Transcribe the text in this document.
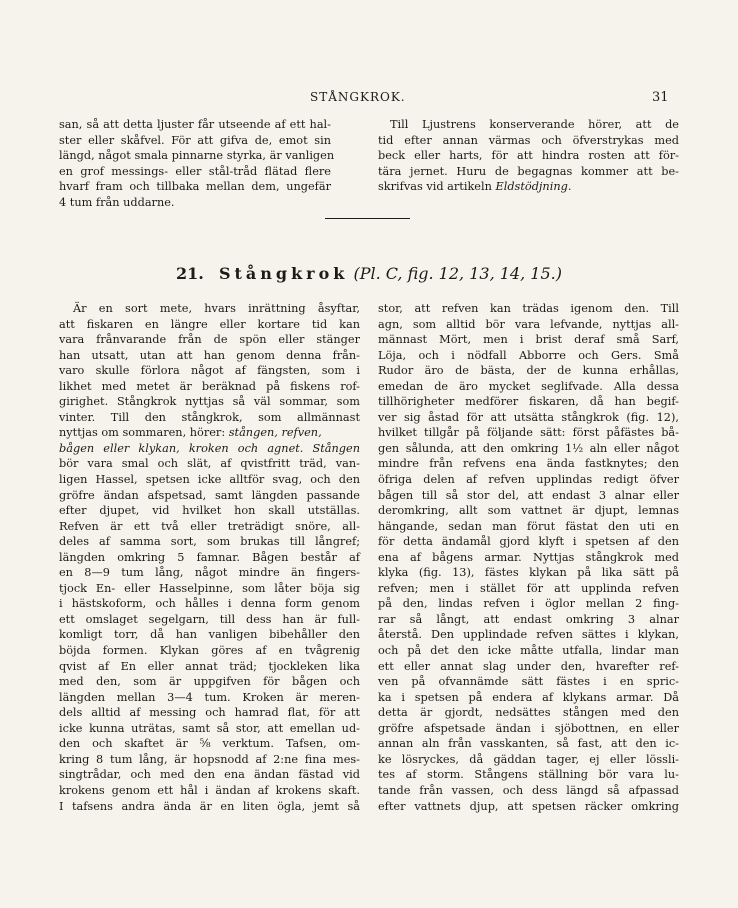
STÅNGKROK.	31
san, så att detta ljuster får utseende af ett hal-
ster eller skåfvel. För att gifva de, emot sin
längd, något smala pinnarne styrka, är vanligen
en grof messings- eller stål-tråd flätad flere
hvarf fram och tillbaka mellan dem, ungefär
4 tum från uddarne.
Till Ljustrens konserverande hörer, att de
tid efter annan värmas och öfverstrykas med
beck eller harts, för att hindra rosten att för-
tära jernet. Huru de begagnas kommer att be-
skrifvas vid artikeln Eldstödjning.
21. Stångkrok (Pl. C, fig. 12, 13, 14, 15.)
Är en sort mete, hvars inrättning åsyftar,
att fiskaren en längre eller kortare tid kan
vara frånvarande från de spön eller stänger
han utsatt, utan att han genom denna från-
varo skulle förlora något af fängsten, som i
likhet med metet är beräknad på fiskens rof-
girighet. Stångkrok nyttjas så väl sommar, som
vinter. Till den stångkrok, som allmännast
nyttjas om sommaren, hörer: stången, refven,
bågen eller klykan, kroken och agnet. Stången
bör vara smal och slät, af qvistfritt träd, van-
ligen Hassel, spetsen icke alltför svag, och den
gröfre ändan afspetsad, samt längden passande
efter djupet, vid hvilket hon skall utställas.
Refven är ett två eller treträdigt snöre, all-
deles af samma sort, som brukas till långref;
längden omkring 5 famnar. Bågen består af
en 8—9 tum lång, något mindre än fingers-
tjock En- eller Hasselpinne, som låter böja sig
i hästskoform, och hålles i denna form genom
ett omslaget segelgarn, till dess han är full-
komligt torr, då han vanligen bibehåller den
böjda formen. Klykan göres af en tvågrenig
qvist af En eller annat träd; tjockleken lika
med den, som är uppgifven för bågen och
längden mellan 3—4 tum. Kroken är meren-
dels alltid af messing och hamrad flat, för att
icke kunna uträtas, samt så stor, att emellan ud-
den och skaftet är ⅝ verktum. Tafsen, om-
kring 8 tum lång, är hopsnodd af 2:ne fina mes-
singtrådar, och med den ena ändan fästad vid
krokens genom ett hål i ändan af krokens skaft.
I tafsens andra ända är en liten ögla, jemt så
stor, att refven kan trädas igenom den. Till
agn, som alltid bör vara lefvande, nyttjas all-
männast Mört, men i brist deraf små Sarf,
Löja, och i nödfall Abborre och Gers. Små
Rudor äro de bästa, der de kunna erhållas,
emedan de äro mycket seglifvade. Alla dessa
tillhörigheter medförer fiskaren, då han begif-
ver sig åstad för att utsätta stångkrok (fig. 12),
hvilket tillgår på följande sätt: först påfästes bå-
gen sålunda, att den omkring 1½ aln eller något
mindre från refvens ena ända fastknytes; den
öfriga delen af refven upplindas redigt öfver
bågen till så stor del, att endast 3 alnar eller
deromkring, allt som vattnet är djupt, lemnas
hängande, sedan man förut fästat den uti en
för detta ändamål gjord klyft i spetsen af den
ena af bågens armar. Nyttjas stångkrok med
klyka (fig. 13), fästes klykan på lika sätt på
refven; men i stället för att upplinda refven
på den, lindas refven i öglor mellan 2 fing-
rar så långt, att endast omkring 3 alnar
återstå. Den upplindade refven sättes i klykan,
och på det den icke måtte utfalla, lindar man
ett eller annat slag under den, hvarefter ref-
ven på ofvannämde sätt fästes i en spric-
ka i spetsen på endera af klykans armar. Då
detta är gjordt, nedsättes stången med den
gröfre afspetsade ändan i sjöbottnen, en eller
annan aln från vasskanten, så fast, att den ic-
ke lösryckes, då gäddan tager, ej eller lössli-
tes af storm. Stångens ställning bör vara lu-
tande från vassen, och dess längd så afpassad
efter vattnets djup, att spetsen räcker omkring
